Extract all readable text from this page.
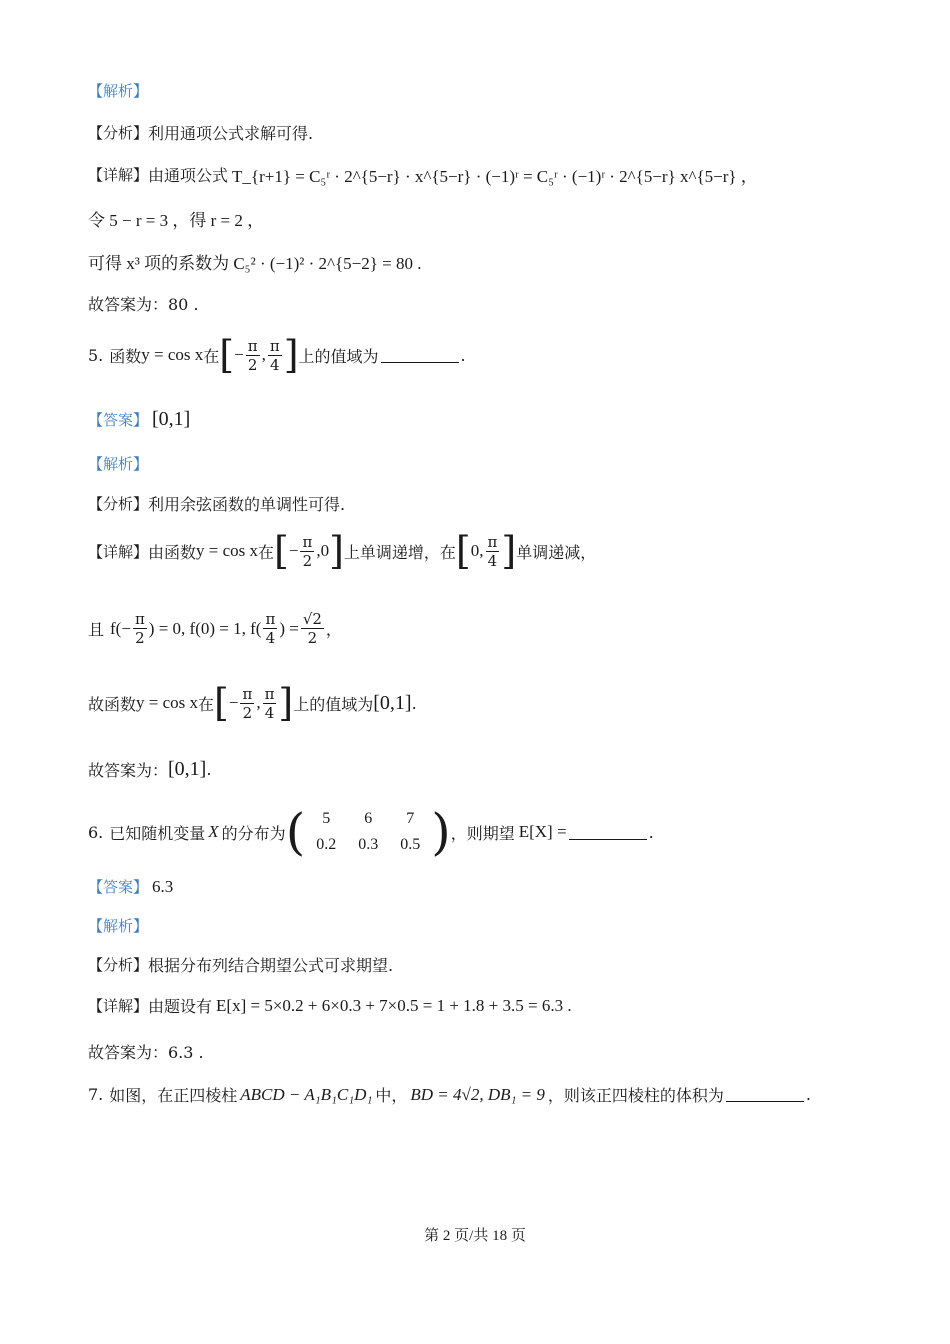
【解析】
【分析】 利用通项公式求解可得.
【详解】 由通项公式 T_{r+1} = C₅ʳ · 2^{5−r} · x^{5−r} · (−1)ʳ = C₅ʳ · (−1)ʳ · 2^{5−r} x^{5−r} ，
令 5 − r = 3 ，得 r = 2 ，
可得 x³ 项的系数为 C₅² · (−1)² · 2^{5−2} = 80 .
故答案为：80 .
5. 函数 y = cos x 在 [ − $\frac{\pi}{2}$ , $\frac{\pi}{4}$ ] 上的值域为	.
【答案】 [0,1]
【解析】
【分析】 利用余弦函数的单调性可得.
【详解】 由函数 y = cos x 在 [ − $\frac{\pi}{2}$ , 0 ] 上单调递增，在 [ 0 , $\frac{\pi}{4}$ ] 单调递减，
且 $f(- \frac{\pi}{2}$ ) = 0, f(0) = 1, $f( \frac{\pi}{4}$ ) = $\frac{√2}{2}$ ，
故函数 y = cos x 在 [ − $\frac{\pi}{2}$ , $\frac{\pi}{4}$ ] 上的值域为 [0,1] .
故答案为： [0,1] .
6. 已知随机变量 X 的分布为 (	5	6	7
0.2	0.3	0.5 ) ，则期望 E[X] =	.
【答案】 6.3
【解析】
【分析】 根据分布列结合期望公式可求期望.
【详解】 由题设有 E[x] = 5×0.2 + 6×0.3 + 7×0.5 = 1 + 1.8 + 3.5 = 6.3 .
故答案为：6.3 .
7. 如图，在正四棱柱 ABCD − A₁B₁C₁D₁ 中， BD = 4√2, DB₁ = 9 ，则该正四棱柱的体积为	.
第 2 页/共 18 页
